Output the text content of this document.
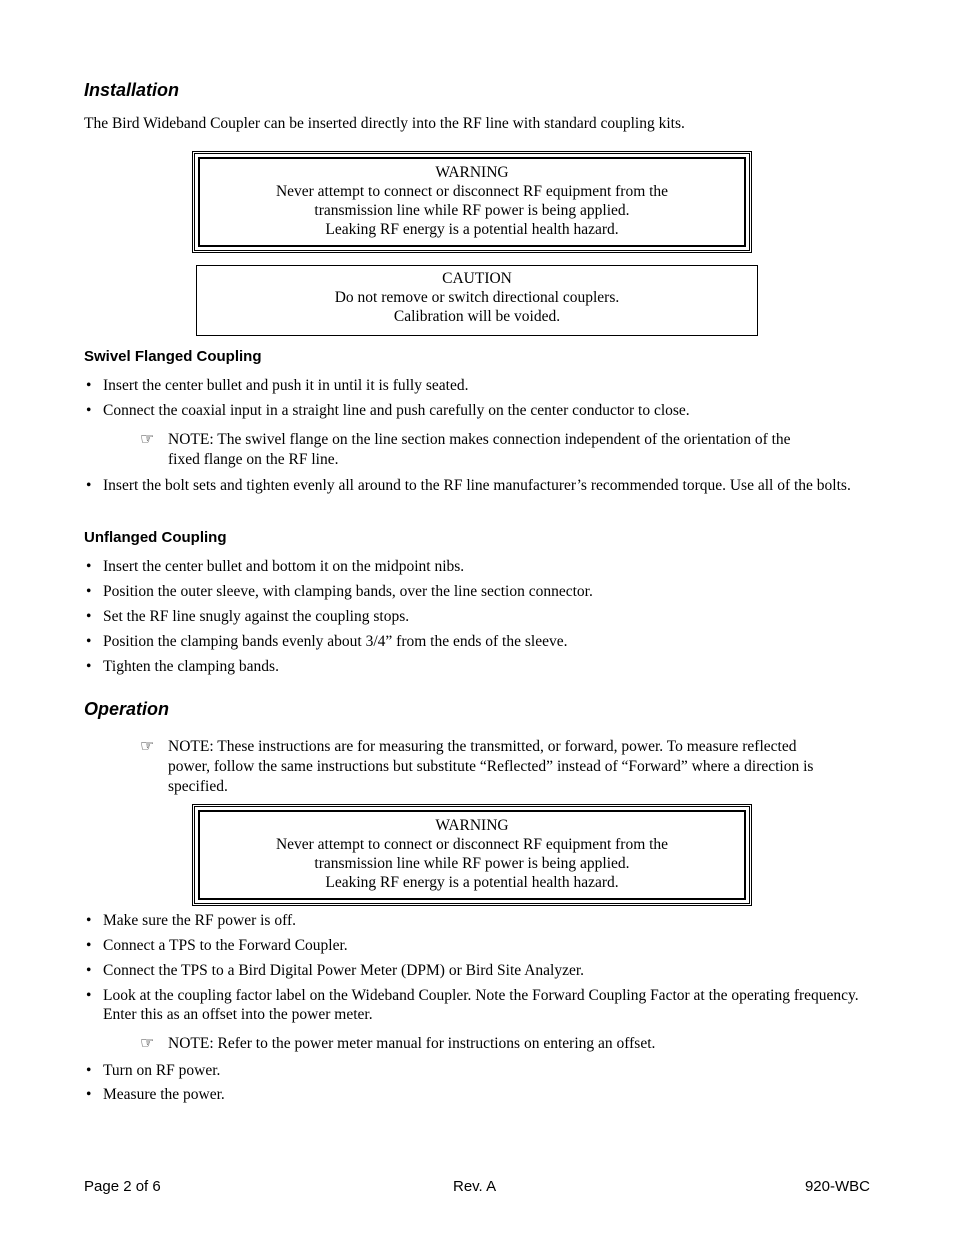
Installation

The Bird Wideband Coupler can be inserted directly into the RF line with standard coupling kits.

WARNING
Never attempt to connect or disconnect RF equipment from the
transmission line while RF power is being applied.
Leaking RF energy is a potential health hazard.
CAUTION
Do not remove or switch directional couplers.
Calibration will be voided.
Swivel Flanged Coupling
• Insert the center bullet and push it in until it is fully seated.
• Connect the coaxial input in a straight line and push carefully on the center conductor to close.
☞ NOTE: The swivel flange on the line section makes connection independent of the orientation of the fixed flange on the RF line.
• Insert the bolt sets and tighten evenly all around to the RF line manufacturer’s recommended torque. Use all of the bolts.
Unflanged Coupling
• Insert the center bullet and bottom it on the midpoint nibs.
• Position the outer sleeve, with clamping bands, over the line section connector.
• Set the RF line snugly against the coupling stops.
• Position the clamping bands evenly about 3/4” from the ends of the sleeve.
• Tighten the clamping bands.
Operation
☞ NOTE: These instructions are for measuring the transmitted, or forward, power. To measure reflected power, follow the same instructions but substitute “Reflected” instead of “Forward” where a direction is specified.
WARNING
Never attempt to connect or disconnect RF equipment from the
transmission line while RF power is being applied.
Leaking RF energy is a potential health hazard.
• Make sure the RF power is off.
• Connect a TPS to the Forward Coupler.
• Connect the TPS to a Bird Digital Power Meter (DPM) or Bird Site Analyzer.
• Look at the coupling factor label on the Wideband Coupler. Note the Forward Coupling Factor at the operating frequency. Enter this as an offset into the power meter.
☞ NOTE: Refer to the power meter manual for instructions on entering an offset.
• Turn on RF power.
• Measure the power.
Page 2 of 6	Rev. A	920-WBC
